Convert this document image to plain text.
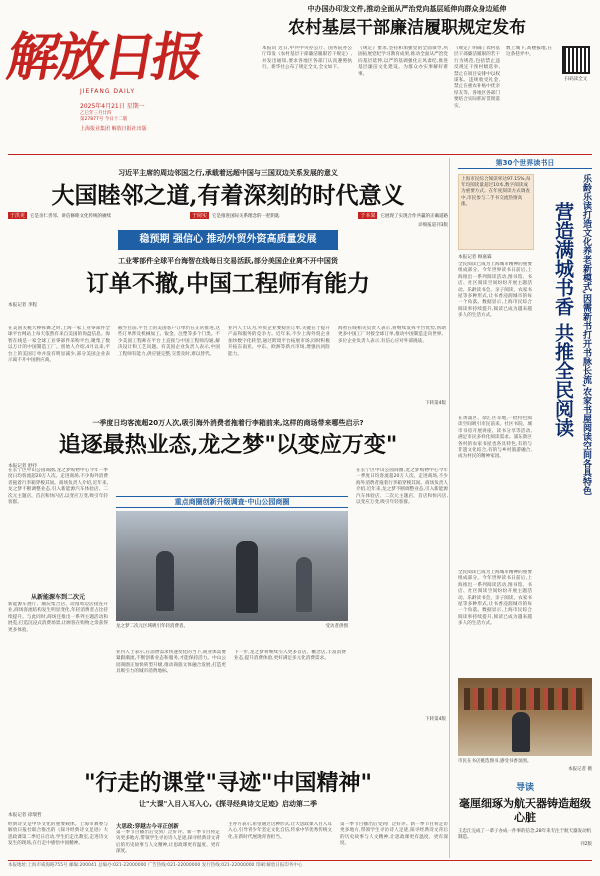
解放日报
JIEFANG DAILY
2025年4月21日 星期一
乙巳年三月廿四
第27877号 今日十二版
上海报业集团 解放日报社出版
中办国办印发文件,推动全面从严治党向基层延伸向群众身边延伸
农村基层干部廉洁履职规定发布
本报讯 近日,中共中央办公厅、国务院办公厅印发《农村基层干部廉洁履职若干规定》,并发出通知,要求各地区各部门认真遵照执行。新华社公布了规定全文,全文如下。
《规定》要求,坚持和加强党的全面领导,巩固拓展党纪学习教育成果,推动全面从严治党向基层延伸,以严的基调强化正风肃纪,推进基层廉洁文化建设。为群众办实事解好难事。
《规定》明确了农村基层干部廉洁履职的若干行为规范,包括禁止违反规定干预村级选举,禁止在项目安排中以权谋私、违规收受礼金,禁止在惠农补贴中优亲厚友等。各地区各部门要结合实际抓好贯彻落实。
数上城下,高楼拔地,在这条巷弄中。
扫码读全文
习近平主席的周边邻国之行,承载着远超中国与三国双边关系发展的意义
大国睦邻之道,有着深刻的时代意义
于洪更 它是亲仁善邻、讲信修睦文化传统的赓续	于阅实 它是推进国际关系理念的一把钥匙	于本果 它展现了实现合作共赢的正确道路
详细报道刊3版
稳预期 强信心 推动外贸外资高质量发展
工业零部件全球平台海智在线每日交易活跃,部分美国企业离不开中国货
订单不撤,中国工程师有能力
本报记者 李程
在美国关税大棒挥舞之时,上海一家工业零部件全球平台网站上每天依然有来自美国的询盘信息。海智在线是一家全球工业零部件采购平台,聚集了数以万计的中国制造工厂。创始人介绍,4月以来,平台上的美国订单并没有明显减少,部分美国企业表示离不开中国供应商。
截至目前,平台上的美国客户订单仍在正常推进,这些订单涉及机械加工、钣金、注塑等多个门类。不少美国工程师在平台上直接与中国工程师沟通,解决设计和工艺问题。有美国企业负责人表示,中国工程师有能力,供应链完整,交货及时,难以替代。
业内人士认为,外贸企业要稳住订单,关键在于提升产品和服务的竞争力。近年来,不少上海外贸企业加快数字化转型,通过跨境平台拓展市场,同时积极开拓东南亚、中东、欧洲等新兴市场,增强抗风险能力。
海智在线相关负责人表示,将继续发挥平台优势,帮助更多中国工厂对接全球订单,推动中国制造走向世界。多位企业负责人表示,有信心应对外部挑战。
下转第4版
一季度日均客流超20万人次,吸引海外消费者拖着行李箱前来,这样的商场带来哪些启示?
追逐最热业态,龙之梦"以变应万变"
本报记者 舒抒
在长宁区中山公园商圈,龙之梦购物中心今年一季度日均客流超20万人次。走进商场,不少海外消费者拖着行李箱穿梭其间。商场负责人介绍,近年来,龙之梦不断调整业态,引入新能源汽车体验店、二次元主题店、首店和快闪店,以变应万变,吸引年轻客群。
从新能源车到二次元
新能源车展厅、潮玩集合店、动漫周边店接连开业,商场客流结构发生明显变化,年轻消费者占比持续提升。与此同时,商场还推出一系列主题活动和展览,打造沉浸式消费场景,让顾客在购物之余获得更多体验。
重点商圈创新升级调查·中山公园商圈
龙之梦二次元区域吸引年轻消费者。	受访者供图
业内人士表示,在消费需求快速变化的当下,商业体需要紧跟潮流,不断创新业态和服务,才能保持活力。中山公园商圈正加快转型升级,推动商旅文体融合发展,打造更具吸引力的城市消费地标。
下一步,龙之梦将继续引入更多首店、概念店,丰富消费业态,提升消费体验,更好满足多元化消费需求。
在长宁区中山公园商圈,龙之梦购物中心今年一季度日均客流超20万人次。走进商场,不少海外消费者拖着行李箱穿梭其间。商场负责人介绍,近年来,龙之梦不断调整业态,引入新能源汽车体验店、二次元主题店、首店和快闪店,以变应万变,吸引年轻客群。
下转第4版
"行走的课堂"寻迹"中国精神"
让"大课"入目入耳入心,《探寻经典诗文足迹》启动第二季
本报记者 徐瑞哲
经典诗文是中华文化的重要载体。上海市教委与解放日报社联合推出的《探寻经典诗文足迹》大思政课第二季近日启动,学生们走出教室,走进诗文发生的现场,在行走中感悟中国精神。
大思政:穿越古今寻正创新
第一季节目播出后受到广泛好评。新一季节目将走访更多地方,带领学生寻访诗人足迹,探寻经典诗文背后的历史故事与人文精神,让思政课更有温度、更有深度。
主办方表示,希望通过这种形式,让大思政课入目入耳入心,引导青少年坚定文化自信,传承中华优秀传统文化,在新时代展现青春担当。
第一季节目播出后受到广泛好评。新一季节目将走访更多地方,带领学生寻访诗人足迹,探寻经典诗文背后的历史故事与人文精神,让思政课更有温度、更有深度。
第30个世界读书日
上海市民综合阅读率达97.15%,每年均阅读量超过10本,数字阅读成为重要方式。在年度阅读方式调查中,市民参与二手书交流热情高涨。	营造满城书香 共推全民阅读 乐龄乐读打造文化养老新模式,因需新书打开书脉长流,农家书屋阅读空间各具特色
本报记者 顾嘉霖
全民阅读已成为上海城市精神的重要组成部分。今年世界读书日前后,上海推出一系列阅读活动,图书馆、书店、社区阅读空间纷纷开展主题活动。乐龄读书会、亲子阅读、农家书屋等多种形式,让书香浸润城市的每一个角落。数据显示,上海市民综合阅读率持续提升,阅读已成为越来越多人的生活方式。
在黄浦区、徐汇区等地,一批特色阅读空间吸引市民前来。社区书院、城市书房开展讲座、读书分享等活动,满足市民多样化阅读需求。浦东新区各村的农家书屋也各具特色,有的与非遗文化结合,有的与乡村旅游融合,成为村民的精神家园。
全民阅读已成为上海城市精神的重要组成部分。今年世界读书日前后,上海推出一系列阅读活动,图书馆、书店、社区阅读空间纷纷开展主题活动。乐龄读书会、亲子阅读、农家书屋等多种形式,让书香浸润城市的每一个角落。数据显示,上海市民综合阅读率持续提升,阅读已成为越来越多人的生活方式。
市民在书店挑选图书,感受书香氛围。
本报记者 摄
导读
毫厘细琢为航天器铸造超级心脏
王忠江完成了一辈子办成一件事的信念,28年来专注于航天器发动机制造。
刊2版
本报地址:上海市威海路755号 邮编:200041 总编办:021-22000000 广告热线:021-22000000 发行热线:021-22000000 印刷:解放日报印务中心
